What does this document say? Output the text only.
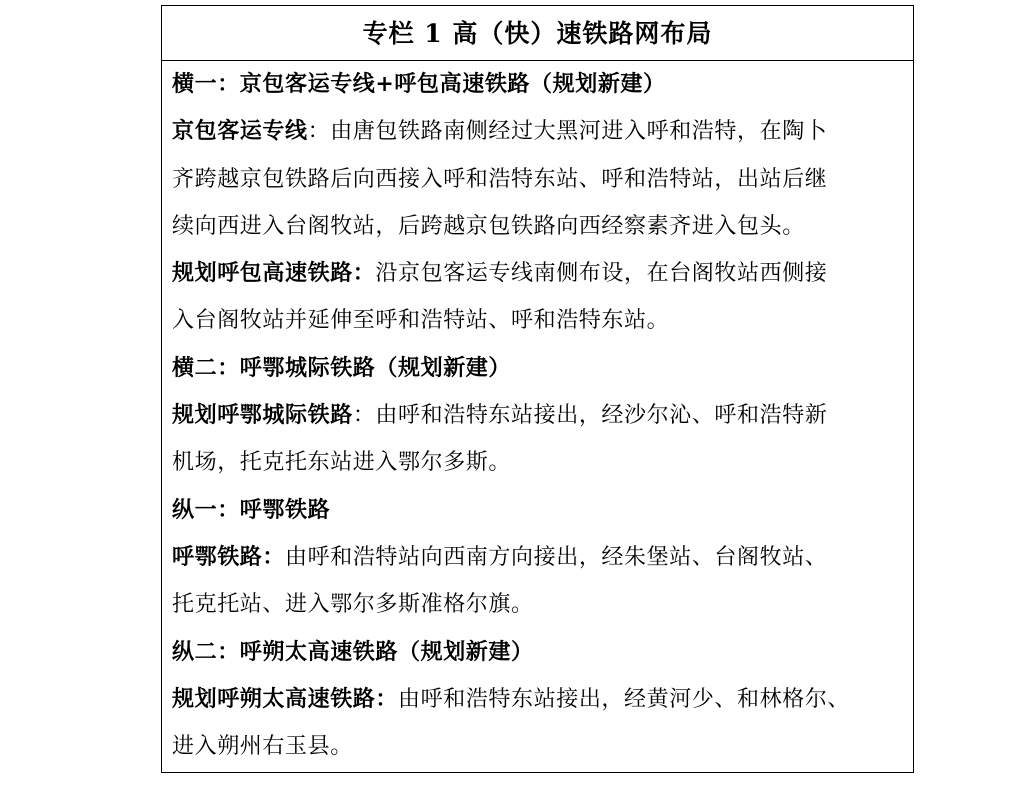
专栏 1 高（快）速铁路网布局
横一：京包客运专线+呼包高速铁路（规划新建）
京包客运专线：由唐包铁路南侧经过大黑河进入呼和浩特，在陶卜
齐跨越京包铁路后向西接入呼和浩特东站、呼和浩特站，出站后继
续向西进入台阁牧站，后跨越京包铁路向西经察素齐进入包头。
规划呼包高速铁路：沿京包客运专线南侧布设，在台阁牧站西侧接
入台阁牧站并延伸至呼和浩特站、呼和浩特东站。
横二：呼鄂城际铁路（规划新建）
规划呼鄂城际铁路：由呼和浩特东站接出，经沙尔沁、呼和浩特新
机场，托克托东站进入鄂尔多斯。
纵一：呼鄂铁路
呼鄂铁路：由呼和浩特站向西南方向接出，经朱堡站、台阁牧站、
托克托站、进入鄂尔多斯准格尔旗。
纵二：呼朔太高速铁路（规划新建）
规划呼朔太高速铁路：由呼和浩特东站接出，经黄河少、和林格尔、
进入朔州右玉县。
